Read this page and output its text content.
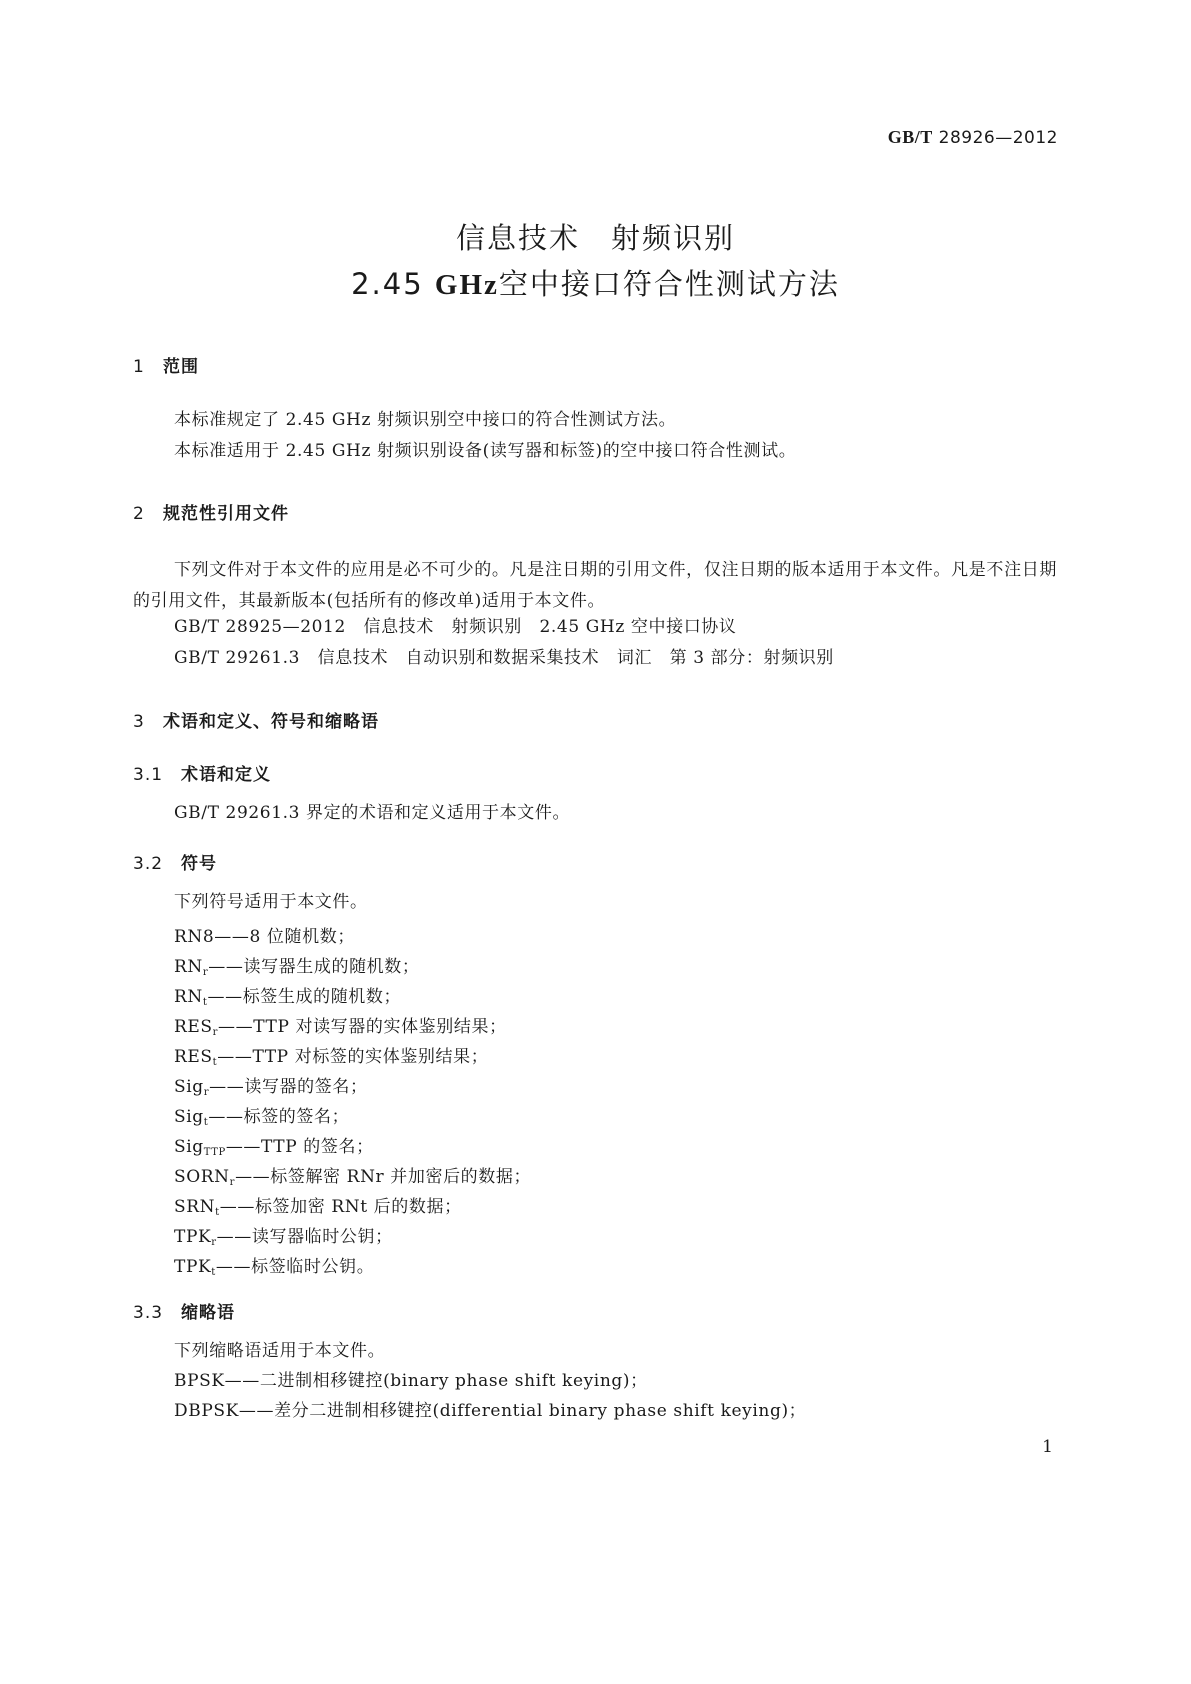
GB/T 28926—2012
信息技术　射频识别
2.45 GHz空中接口符合性测试方法
1 范围
本标准规定了 2.45 GHz 射频识别空中接口的符合性测试方法。
本标准适用于 2.45 GHz 射频识别设备(读写器和标签)的空中接口符合性测试。
2 规范性引用文件
下列文件对于本文件的应用是必不可少的。凡是注日期的引用文件，仅注日期的版本适用于本文件。凡是不注日期的引用文件，其最新版本(包括所有的修改单)适用于本文件。
GB/T 28925—2012　信息技术　射频识别　2.45 GHz 空中接口协议
GB/T 29261.3　信息技术　自动识别和数据采集技术　词汇　第 3 部分：射频识别
3 术语和定义、符号和缩略语
3.1 术语和定义
GB/T 29261.3 界定的术语和定义适用于本文件。
3.2 符号
下列符号适用于本文件。
RN8——8 位随机数；
$RN_r——$读写器生成的随机数；
$RN_t——$标签生成的随机数；
$RES_r——TTP$ 对读写器的实体鉴别结果；
$RES_t——TTP$ 对标签的实体鉴别结果；
Sig$_r$——读写器的签名；
Sig$_t$——标签的签名；
Sig$_{TTP}$——TTP 的签名；
$SORN_r——$标签解密 RNr 并加密后的数据；
$SRN_t——$标签加密 RNt 后的数据；
$TPK_r——$读写器临时公钥；
$TPK_t——$标签临时公钥。
3.3 缩略语
下列缩略语适用于本文件。
BPSK——二进制相移键控(binary phase shift keying)；
DBPSK——差分二进制相移键控(differential binary phase shift keying)；
1
